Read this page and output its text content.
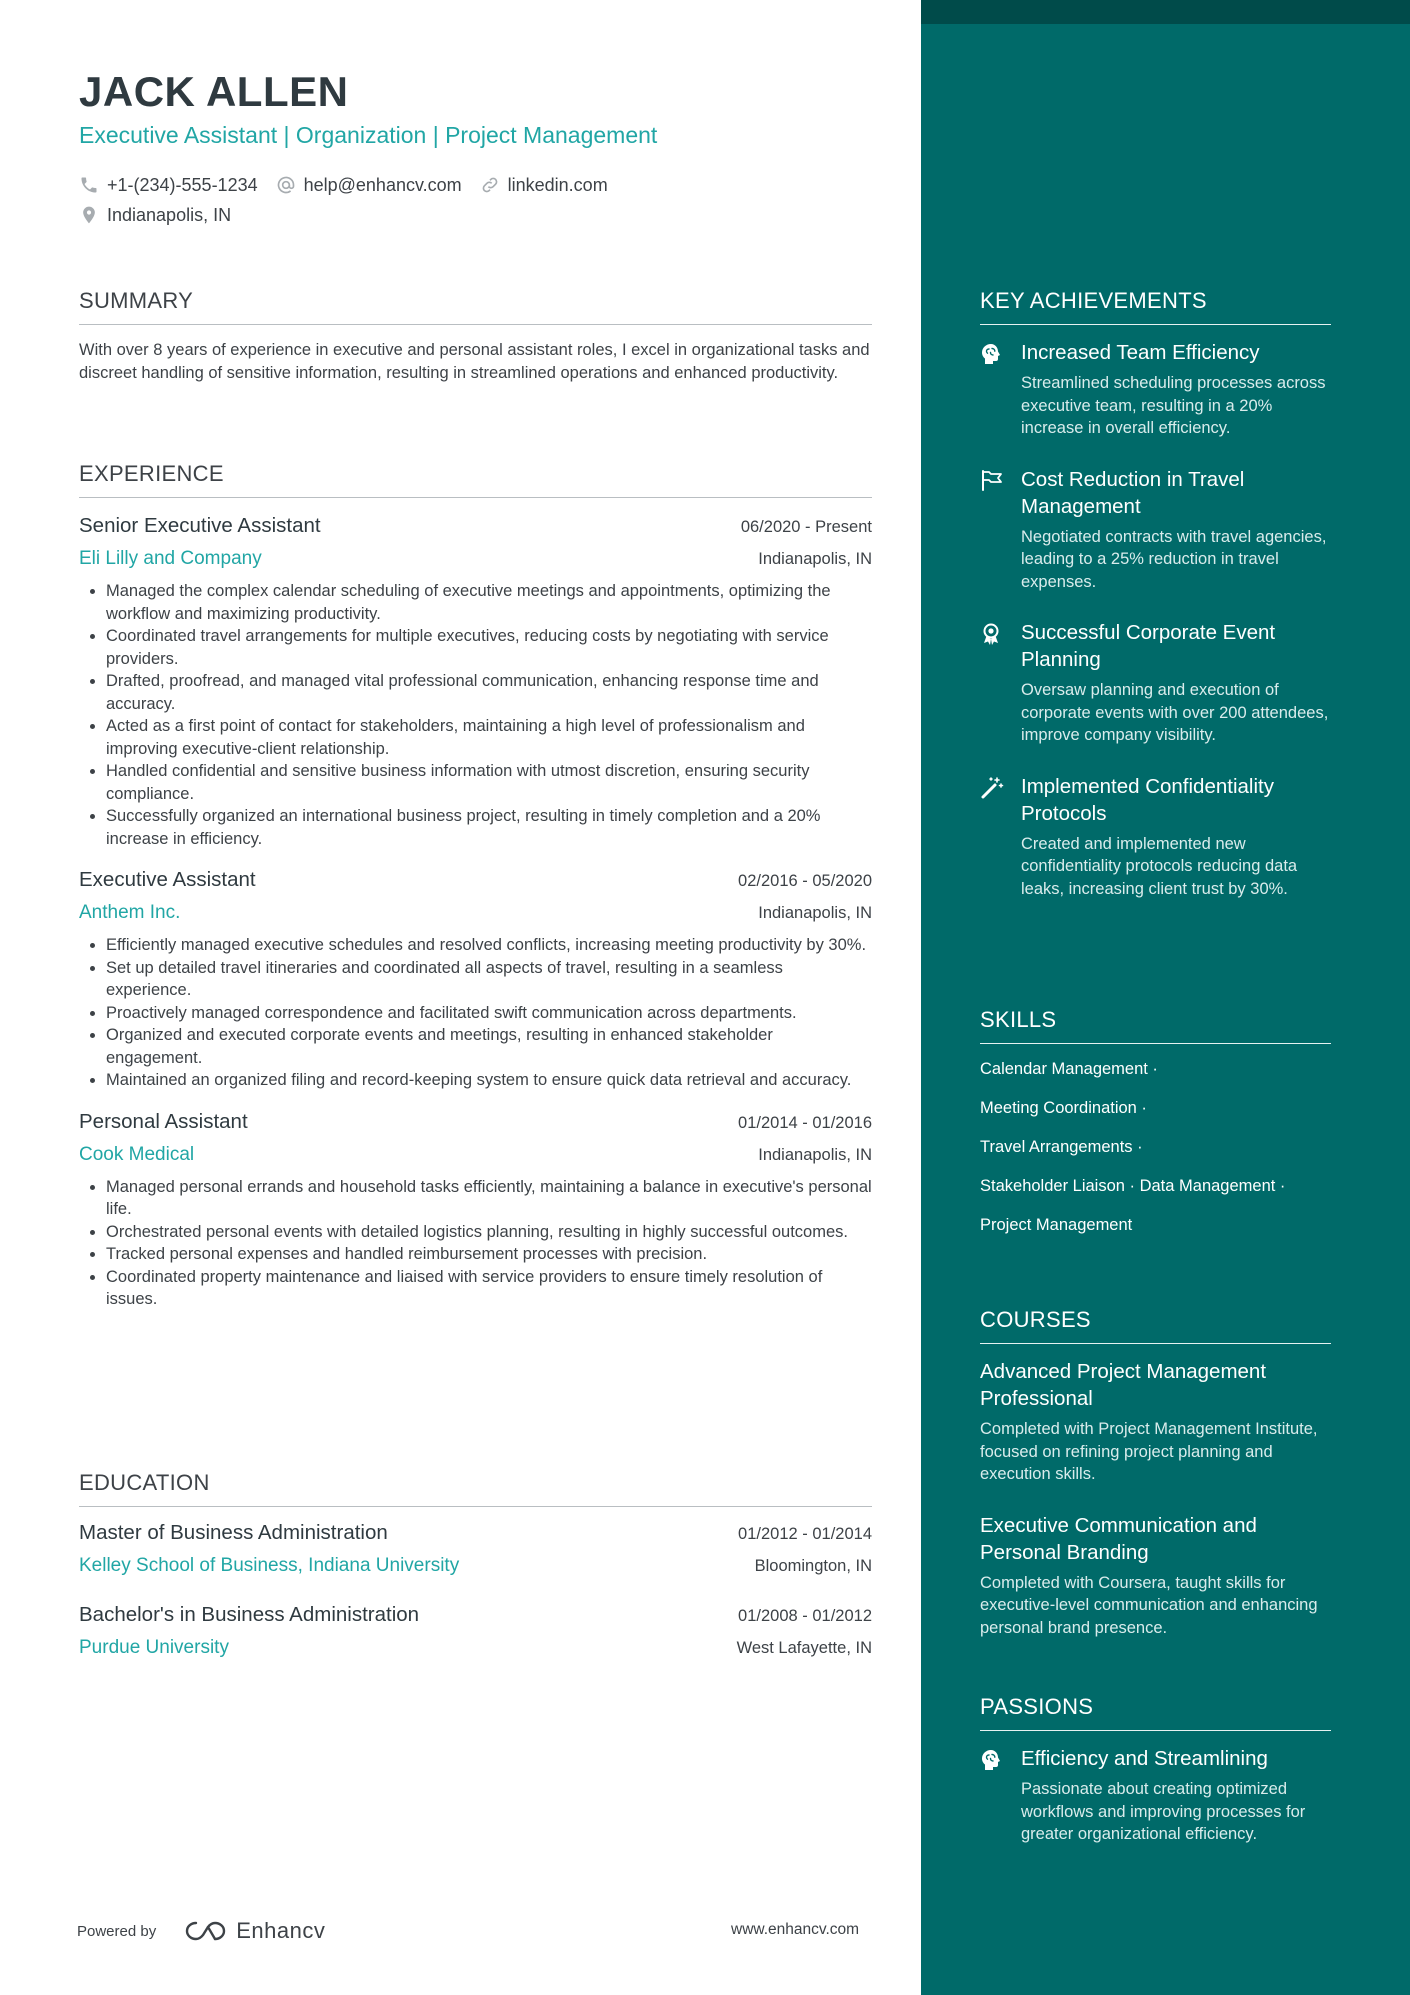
JACK ALLEN
Executive Assistant | Organization | Project Management
+1-(234)-555-1234	help@enhancv.com	linkedin.com
Indianapolis, IN
SUMMARY
With over 8 years of experience in executive and personal assistant roles, I excel in organizational tasks and discreet handling of sensitive information, resulting in streamlined operations and enhanced productivity.
EXPERIENCE
Senior Executive Assistant	06/2020 - Present
Eli Lilly and Company	Indianapolis, IN
• Managed the complex calendar scheduling of executive meetings and appointments, optimizing the workflow and maximizing productivity.
• Coordinated travel arrangements for multiple executives, reducing costs by negotiating with service providers.
• Drafted, proofread, and managed vital professional communication, enhancing response time and accuracy.
• Acted as a first point of contact for stakeholders, maintaining a high level of professionalism and improving executive-client relationship.
• Handled confidential and sensitive business information with utmost discretion, ensuring security compliance.
• Successfully organized an international business project, resulting in timely completion and a 20% increase in efficiency.
Executive Assistant	02/2016 - 05/2020
Anthem Inc.	Indianapolis, IN
• Efficiently managed executive schedules and resolved conflicts, increasing meeting productivity by 30%.
• Set up detailed travel itineraries and coordinated all aspects of travel, resulting in a seamless experience.
• Proactively managed correspondence and facilitated swift communication across departments.
• Organized and executed corporate events and meetings, resulting in enhanced stakeholder engagement.
• Maintained an organized filing and record-keeping system to ensure quick data retrieval and accuracy.
Personal Assistant	01/2014 - 01/2016
Cook Medical	Indianapolis, IN
• Managed personal errands and household tasks efficiently, maintaining a balance in executive's personal life.
• Orchestrated personal events with detailed logistics planning, resulting in highly successful outcomes.
• Tracked personal expenses and handled reimbursement processes with precision.
• Coordinated property maintenance and liaised with service providers to ensure timely resolution of issues.
EDUCATION
Master of Business Administration	01/2012 - 01/2014
Kelley School of Business, Indiana University	Bloomington, IN
Bachelor's in Business Administration	01/2008 - 01/2012
Purdue University	West Lafayette, IN
Powered by	Enhancv	www.enhancv.com
KEY ACHIEVEMENTS
Increased Team Efficiency
Streamlined scheduling processes across executive team, resulting in a 20% increase in overall efficiency.
Cost Reduction in Travel Management
Negotiated contracts with travel agencies, leading to a 25% reduction in travel expenses.
Successful Corporate Event Planning
Oversaw planning and execution of corporate events with over 200 attendees, improve company visibility.
Implemented Confidentiality Protocols
Created and implemented new confidentiality protocols reducing data leaks, increasing client trust by 30%.
SKILLS
Calendar Management ·
Meeting Coordination ·
Travel Arrangements ·
Stakeholder Liaison · Data Management ·
Project Management
COURSES
Advanced Project Management Professional
Completed with Project Management Institute, focused on refining project planning and execution skills.
Executive Communication and Personal Branding
Completed with Coursera, taught skills for executive-level communication and enhancing personal brand presence.
PASSIONS
Efficiency and Streamlining
Passionate about creating optimized workflows and improving processes for greater organizational efficiency.
